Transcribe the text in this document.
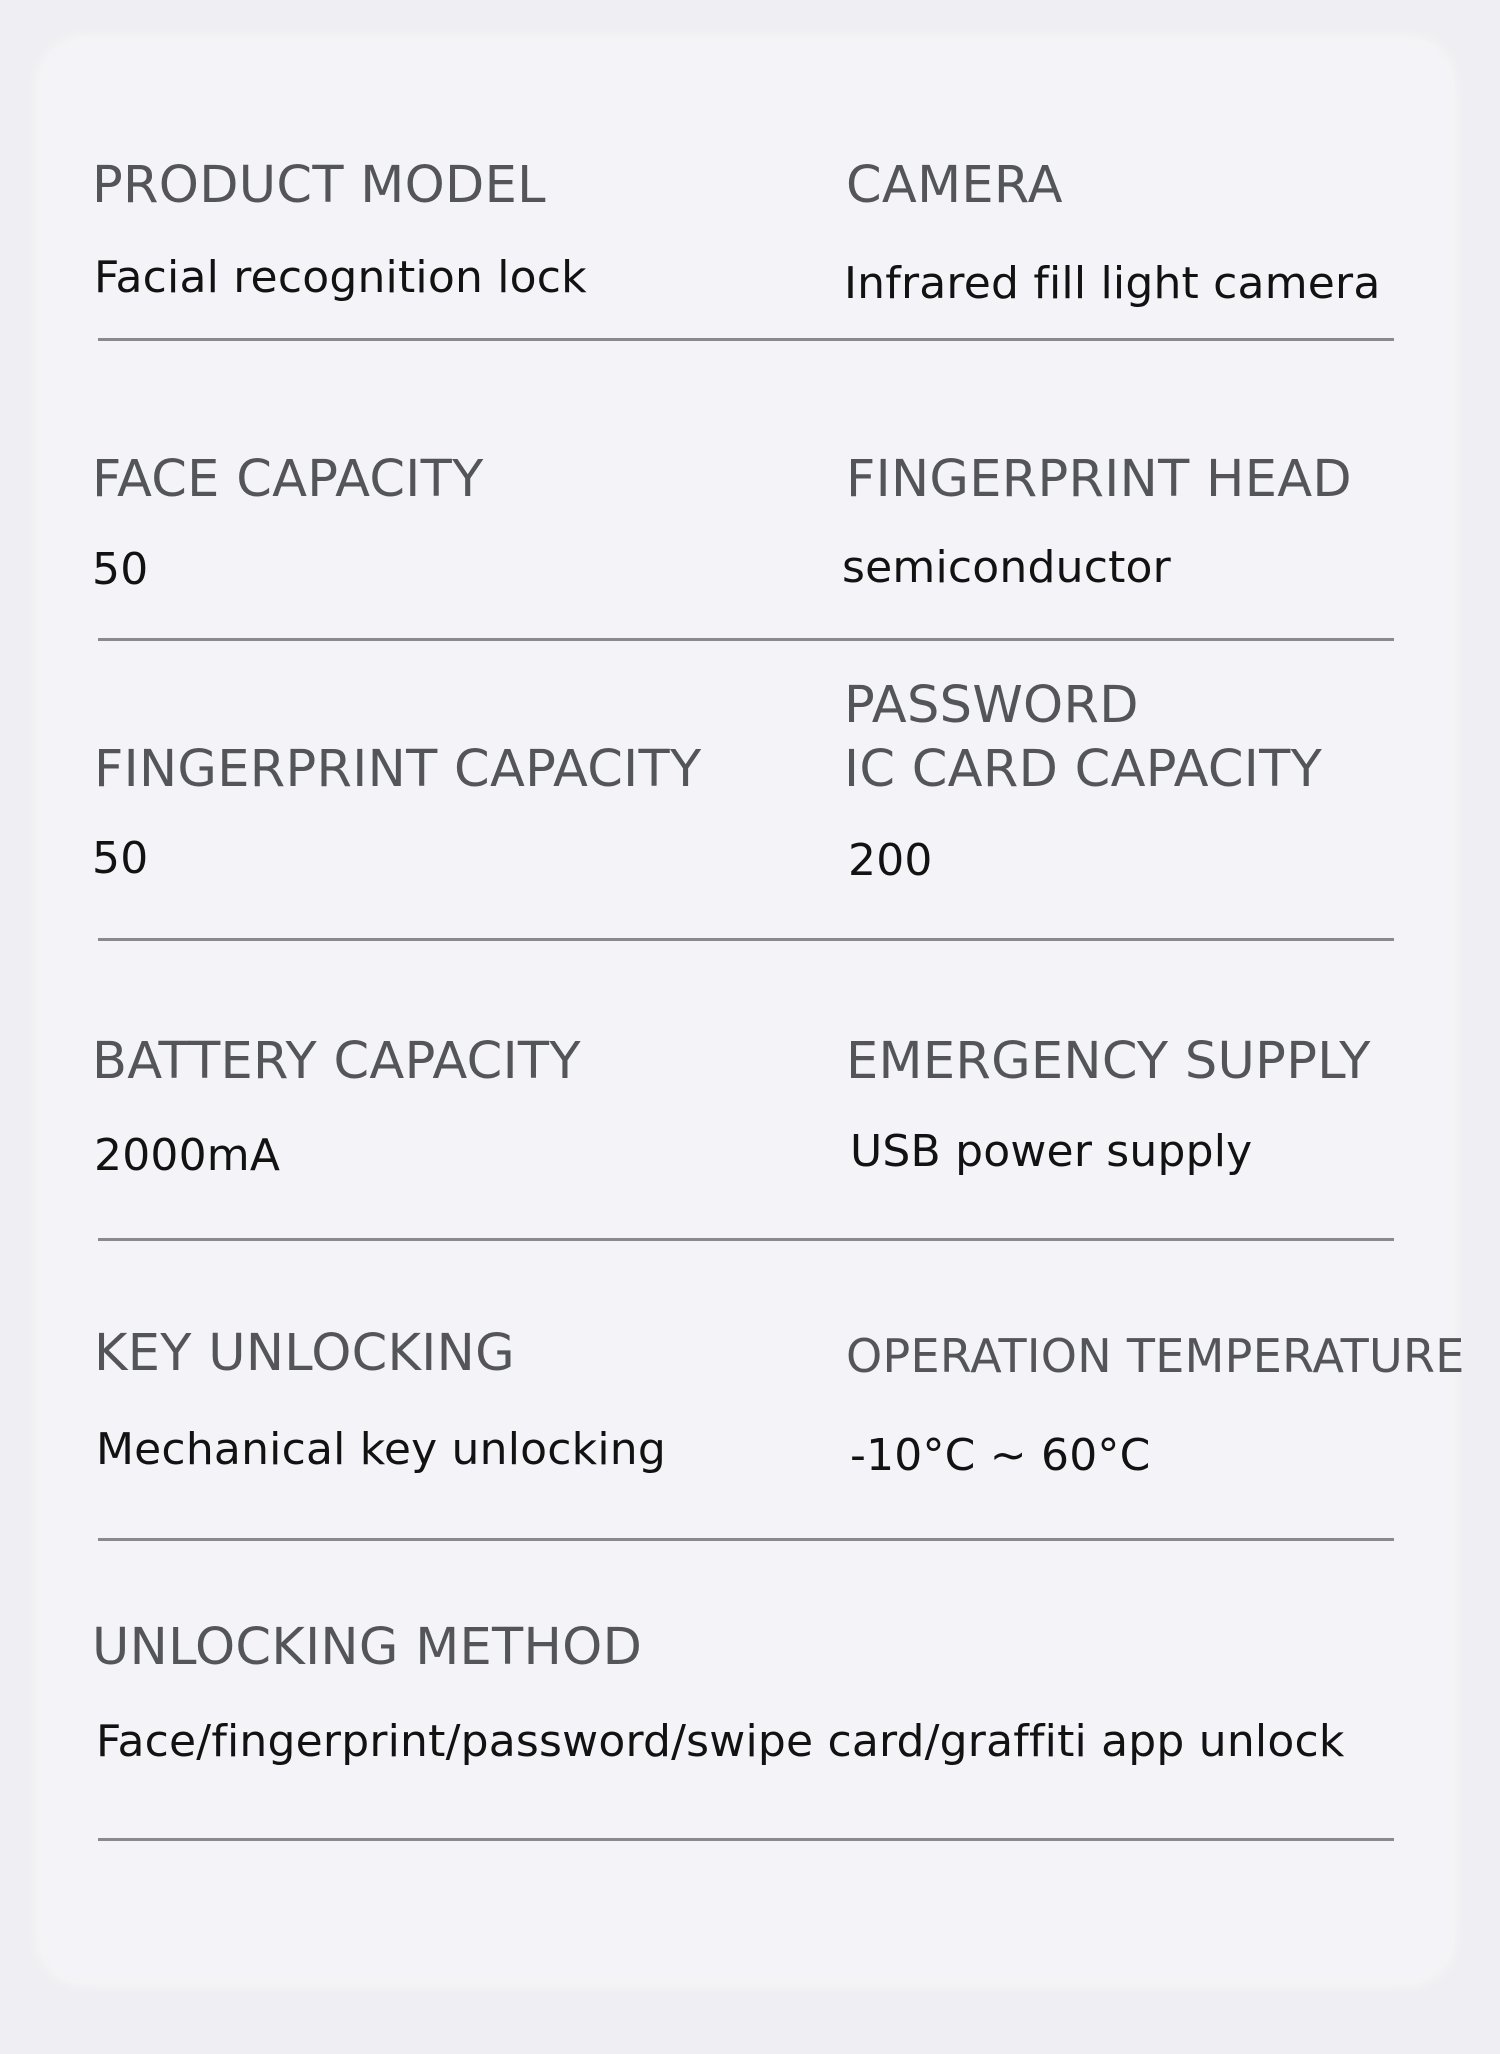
PRODUCT MODEL
Facial recognition lock
CAMERA
Infrared fill light camera
FACE CAPACITY
50
FINGERPRINT HEAD
semiconductor
FINGERPRINT CAPACITY
50
PASSWORD
IC CARD CAPACITY
200
BATTERY CAPACITY
2000mA
EMERGENCY SUPPLY
USB power supply
KEY UNLOCKING
Mechanical key unlocking
OPERATION TEMPERATURE
-10°C ~ 60°C
UNLOCKING METHOD
Face/fingerprint/password/swipe card/graffiti app unlock
